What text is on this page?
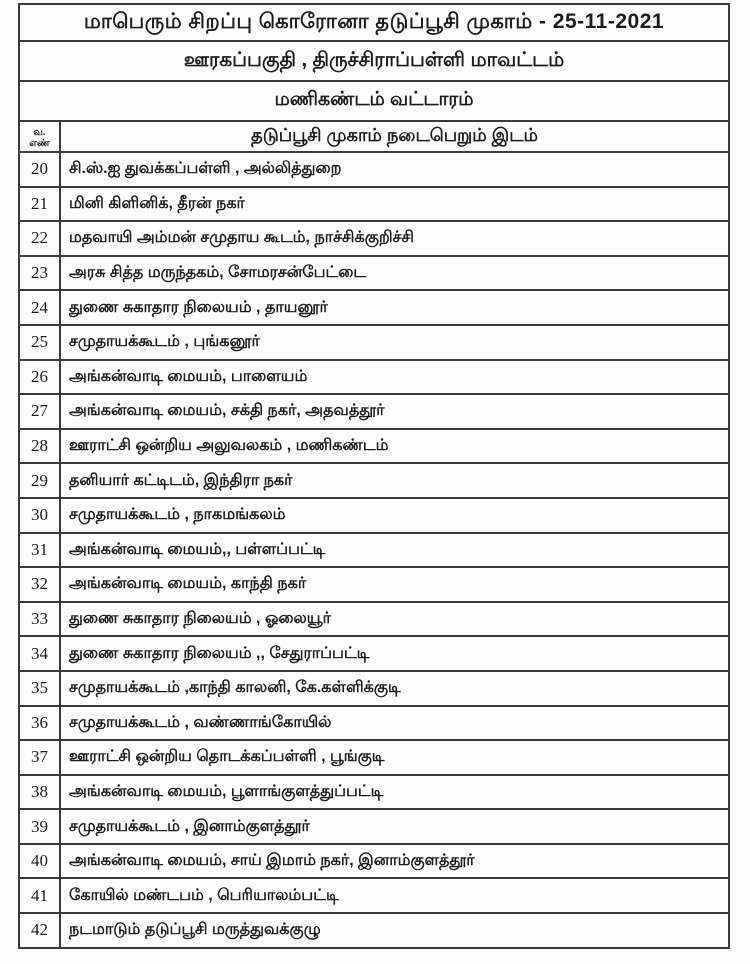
மாபெரும் சிறப்பு கொரோனா தடுப்பூசி முகாம் - 25-11-2021	
ஊரகப்பகுதி , திருச்சிராப்பள்ளி மாவட்டம்	
மணிகண்டம் வட்டாரம்	
வ.
எண்	தடுப்பூசி முகாம் நடைபெறும் இடம்
20	சி.ஸ்.ஐ துவக்கப்பள்ளி , அல்லித்துறை
21	மினி கிளினிக், தீரன் நகர்
22	மதவாயி அம்மன் சமுதாய கூடம், நாச்சிக்குறிச்சி
23	அரசு சித்த மருந்தகம், சோமரசன்பேட்டை
24	துணை சுகாதார நிலையம் , தாயனூர்
25	சமுதாயக்கூடம் , புங்கனூர்
26	அங்கன்வாடி மையம், பாளையம்
27	அங்கன்வாடி மையம், சக்தி நகர், அதவத்தூர்
28	ஊராட்சி ஒன்றிய அலுவலகம் , மணிகண்டம்
29	தனியார் கட்டிடம், இந்திரா நகர்
30	சமுதாயக்கூடம் , நாகமங்கலம்
31	அங்கன்வாடி மையம்,, பள்ளப்பட்டி
32	அங்கன்வாடி மையம், காந்தி நகர்
33	துணை சுகாதார நிலையம் , ஓலையூர்
34	துணை சுகாதார நிலையம் ,, சேதுராப்பட்டி
35	சமுதாயக்கூடம் ,காந்தி காலனி, கே.கள்ளிக்குடி
36	சமுதாயக்கூடம் , வண்ணாங்கோயில்
37	ஊராட்சி ஒன்றிய தொடக்கப்பள்ளி , பூங்குடி
38	அங்கன்வாடி மையம், பூளாங்குளத்துப்பட்டி
39	சமுதாயக்கூடம் , இனாம்குளத்தூர்
40	அங்கன்வாடி மையம், சாய் இமாம் நகர், இனாம்குளத்தூர்
41	கோயில் மண்டபம் , பெரியாலம்பட்டி
42	நடமாடும் தடுப்பூசி மருத்துவக்குழு
